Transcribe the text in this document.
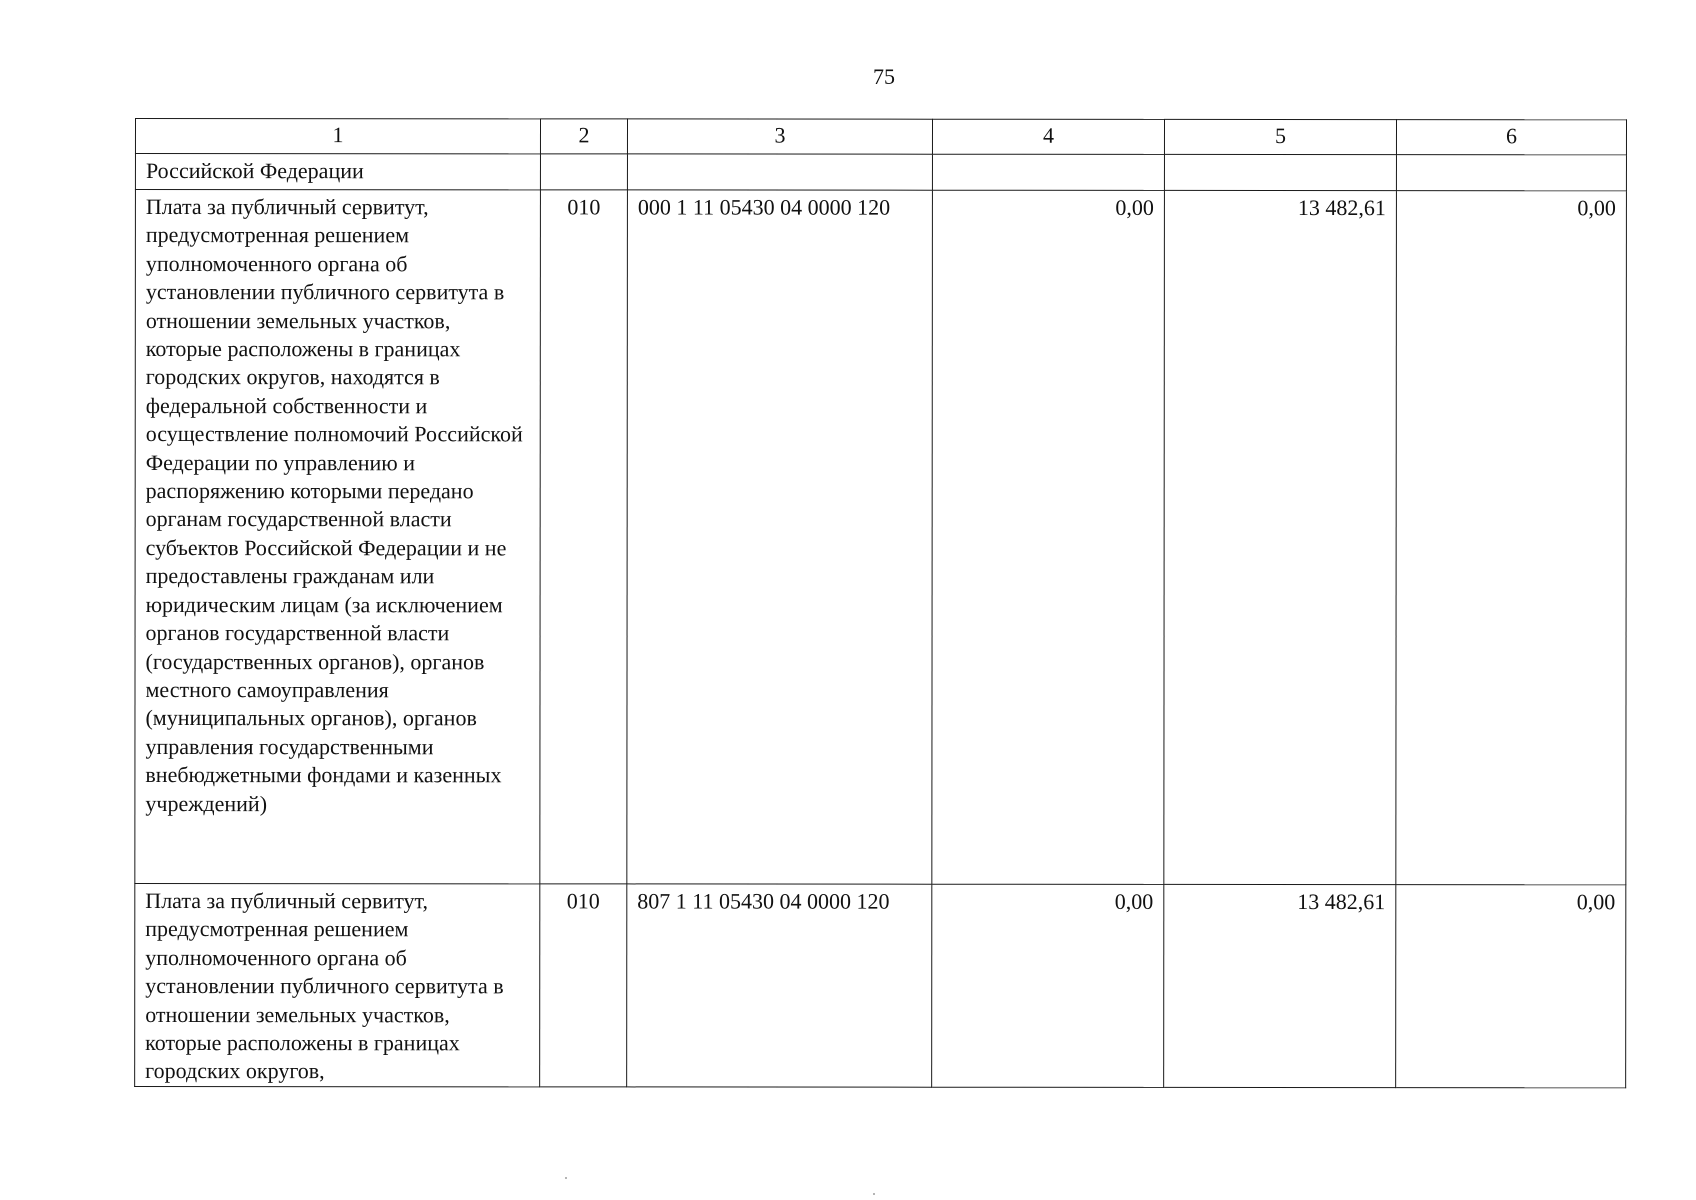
75
1	2	3	4	5	6
Российской Федерации					
Плата за публичный сервитут, предусмотренная решением уполномоченного органа об установлении публичного сервитута в отношении земельных участков, которые расположены в границах городских округов, находятся в федеральной собственности и осуществление полномочий Российской Федерации по управлению и распоряжению которыми передано органам государственной власти субъектов Российской Федерации и не предоставлены гражданам или юридическим лицам (за исключением органов государственной власти (государственных органов), органов местного самоуправления (муниципальных органов), органов управления государственными внебюджетными фондами и казенных учреждений)	010	000 1 11 05430 04 0000 120	0,00	13 482,61	0,00
Плата за публичный сервитут, предусмотренная решением уполномоченного органа об установлении публичного сервитута в отношении земельных участков, которые расположены в границах городских округов,	010	807 1 11 05430 04 0000 120	0,00	13 482,61	0,00
